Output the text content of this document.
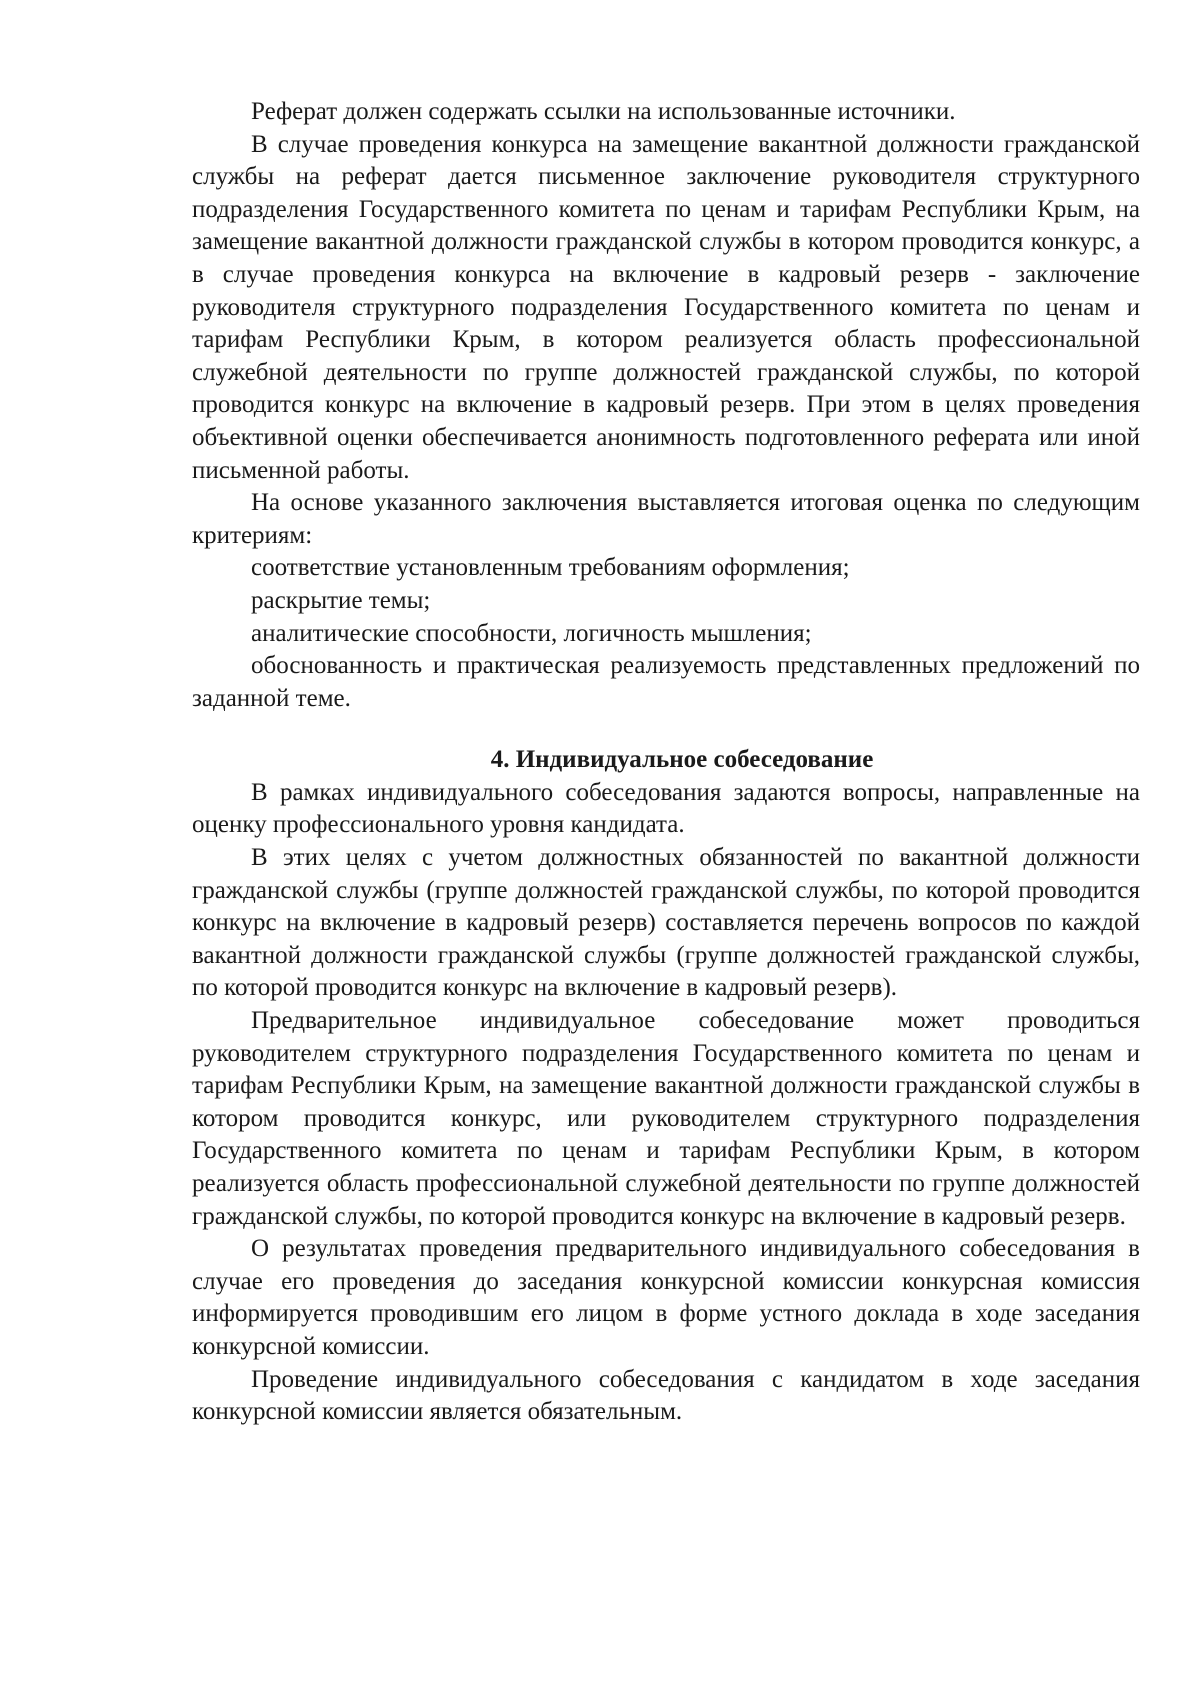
Реферат должен содержать ссылки на использованные источники.

В случае проведения конкурса на замещение вакантной должности гражданской службы на реферат дается письменное заключение руководителя структурного подразделения Государственного комитета по ценам и тарифам Республики Крым, на замещение вакантной должности гражданской службы в котором проводится конкурс, а в случае проведения конкурса на включение в кадровый резерв - заключение руководителя структурного подразделения Государственного комитета по ценам и тарифам Республики Крым, в котором реализуется область профессиональной служебной деятельности по группе должностей гражданской службы, по которой проводится конкурс на включение в кадровый резерв. При этом в целях проведения объективной оценки обеспечивается анонимность подготовленного реферата или иной письменной работы.

На основе указанного заключения выставляется итоговая оценка по следующим критериям:

соответствие установленным требованиям оформления;

раскрытие темы;

аналитические способности, логичность мышления;

обоснованность и практическая реализуемость представленных предложений по заданной теме.

4. Индивидуальное собеседование

В рамках индивидуального собеседования задаются вопросы, направленные на оценку профессионального уровня кандидата.

В этих целях с учетом должностных обязанностей по вакантной должности гражданской службы (группе должностей гражданской службы, по которой проводится конкурс на включение в кадровый резерв) составляется перечень вопросов по каждой вакантной должности гражданской службы (группе должностей гражданской службы, по которой проводится конкурс на включение в кадровый резерв).

Предварительное индивидуальное собеседование может проводиться руководителем структурного подразделения Государственного комитета по ценам и тарифам Республики Крым, на замещение вакантной должности гражданской службы в котором проводится конкурс, или руководителем структурного подразделения Государственного комитета по ценам и тарифам Республики Крым, в котором реализуется область профессиональной служебной деятельности по группе должностей гражданской службы, по которой проводится конкурс на включение в кадровый резерв.

О результатах проведения предварительного индивидуального собеседования в случае его проведения до заседания конкурсной комиссии конкурсная комиссия информируется проводившим его лицом в форме устного доклада в ходе заседания конкурсной комиссии.

Проведение индивидуального собеседования с кандидатом в ходе заседания конкурсной комиссии является обязательным.
